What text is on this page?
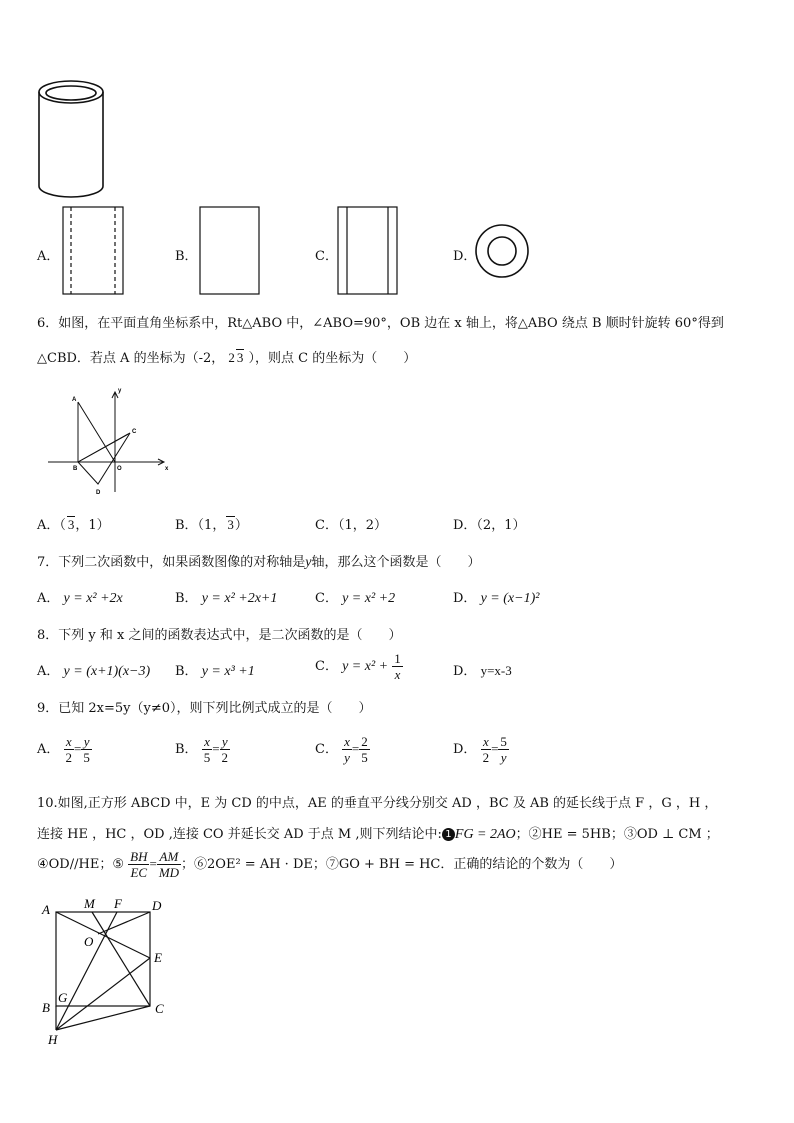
A．	B．	C．	D．
6．如图，在平面直角坐标系中，Rt△ABO 中，∠ABO=90°，OB 边在 x 轴上，将△ABO 绕点 B 顺时针旋转 60°得到
△CBD．若点 A 的坐标为（-2， 2 3 ），则点 C 的坐标为（　　）
A
B
C
D
O	x
y
A．（ 3，1）	B．（1， 3）	C．（1，2）	D．（2，1）
7．下列二次函数中，如果函数图像的对称轴是y轴，那么这个函数是（　　）
A． y = x² +2x	B． y = x² +2x+1	C． y = x² +2	D． y = (x−1)²
8．下列 y 和 x 之间的函数表达式中，是二次函数的是（　　）
A． y = (x+1)(x−3) B． y = x³ +1	C． $y = x^2 + \frac{1}{x}$	D． y=x-3
9．已知 2x=5y（y≠0），则下列比例式成立的是（　　）
A． $\frac{x}{2} = \frac{y}{5}$	B． $\frac{x}{5} = \frac{y}{2}$	C． $\frac{x}{y} = \frac{2}{5}$	D． $\frac{x}{2} = \frac{5}{y}$
10.如图,正方形 ABCD 中，E 为 CD 的中点，AE 的垂直平分线分别交 AD ，BC 及 AB 的延长线于点 F ，G ，H ，
连接 HE ，HC ，OD ,连接 CO 并延长交 AD 于点 M ,则下列结论中: 1 FG = 2AO；②HE = 5HB；③OD ⊥ CM ；
④OD//HE；⑤ $\frac{BH}{EC} = \frac{AM}{MD}$ ；⑥2OE² = AH · DE；⑦GO + BH = HC．正确的结论的个数为（　　）
A	M F D
O
E
B
G
C
H
